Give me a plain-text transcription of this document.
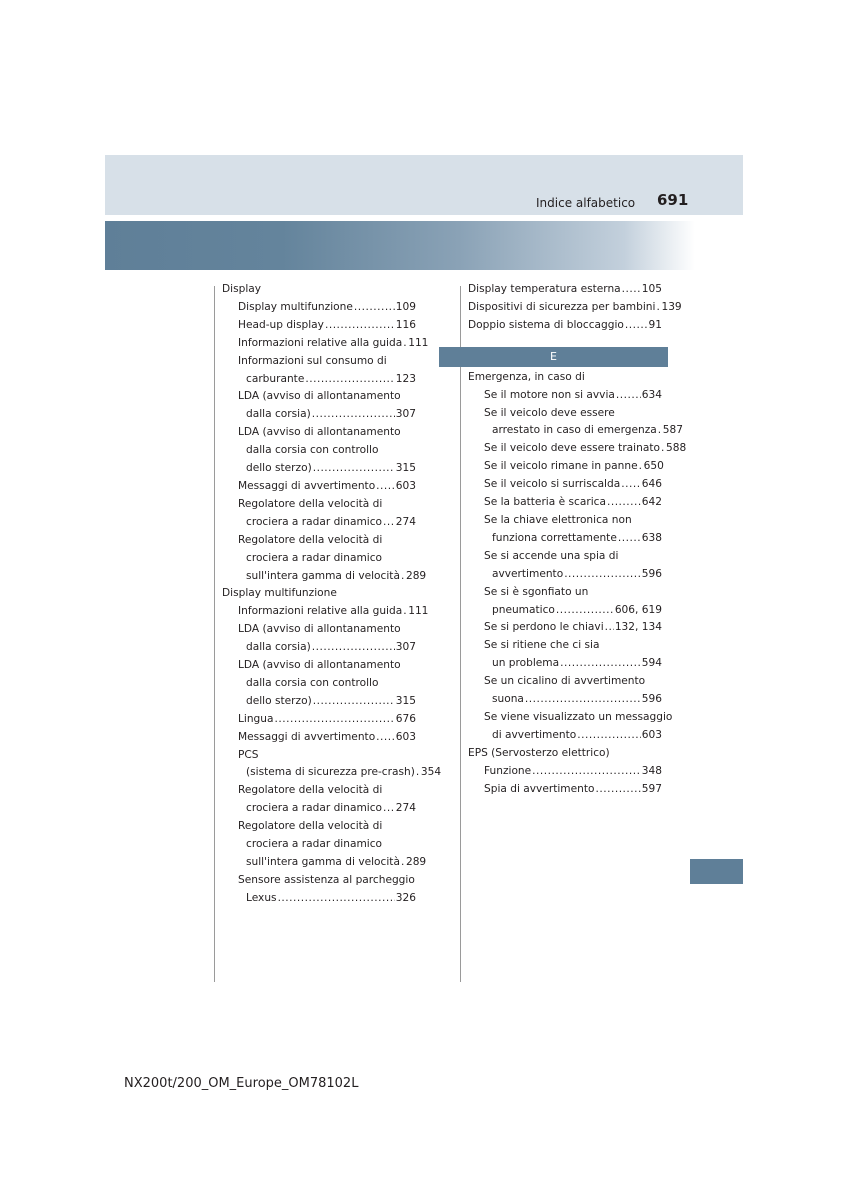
Indice alfabetico 691
Display
Display multifunzione .....	109
Head-up display .....	116
Informazioni relative alla guida ..... 111
Informazioni sul consumo di
carburante .....	123
LDA (avviso di allontanamento
dalla corsia) .....	307
LDA (avviso di allontanamento
dalla corsia con controllo
dello sterzo) .....	315
Messaggi di avvertimento ..... 603
Regolatore della velocità di
crociera a radar dinamico ..... 274
Regolatore della velocità di
crociera a radar dinamico
sull'intera gamma di velocità ..... 289
Display multifunzione
Informazioni relative alla guida ..... 111
LDA (avviso di allontanamento
dalla corsia) .....	307
LDA (avviso di allontanamento
dalla corsia con controllo
dello sterzo) .....	315
Lingua .....	676
Messaggi di avvertimento ..... 603
PCS
(sistema di sicurezza pre-crash) ..... 354
Regolatore della velocità di
crociera a radar dinamico ..... 274
Regolatore della velocità di
crociera a radar dinamico
sull'intera gamma di velocità ..... 289
Sensore assistenza al parcheggio
Lexus .....	326
Display temperatura esterna ..... 105
Dispositivi di sicurezza per bambini ..... 139
Doppio sistema di bloccaggio ..... 91
E
Emergenza, in caso di
Se il motore non si avvia .....	634
Se il veicolo deve essere
arrestato in caso di emergenza ..... 587
Se il veicolo deve essere trainato ..... 588
Se il veicolo rimane in panne ..... 650
Se il veicolo si surriscalda ..... 646
Se la batteria è scarica .....	642
Se la chiave elettronica non
funziona correttamente ..... 638
Se si accende una spia di
avvertimento .....	596
Se si è sgonfiato un
pneumatico .....	606, 619
Se si perdono le chiavi ..... 132, 134
Se si ritiene che ci sia
un problema .....	594
Se un cicalino di avvertimento
suona .....	596
Se viene visualizzato un messaggio
di avvertimento .....	603
EPS (Servosterzo elettrico)
Funzione .....	348
Spia di avvertimento .....	597
NX200t/200_OM_Europe_OM78102L
